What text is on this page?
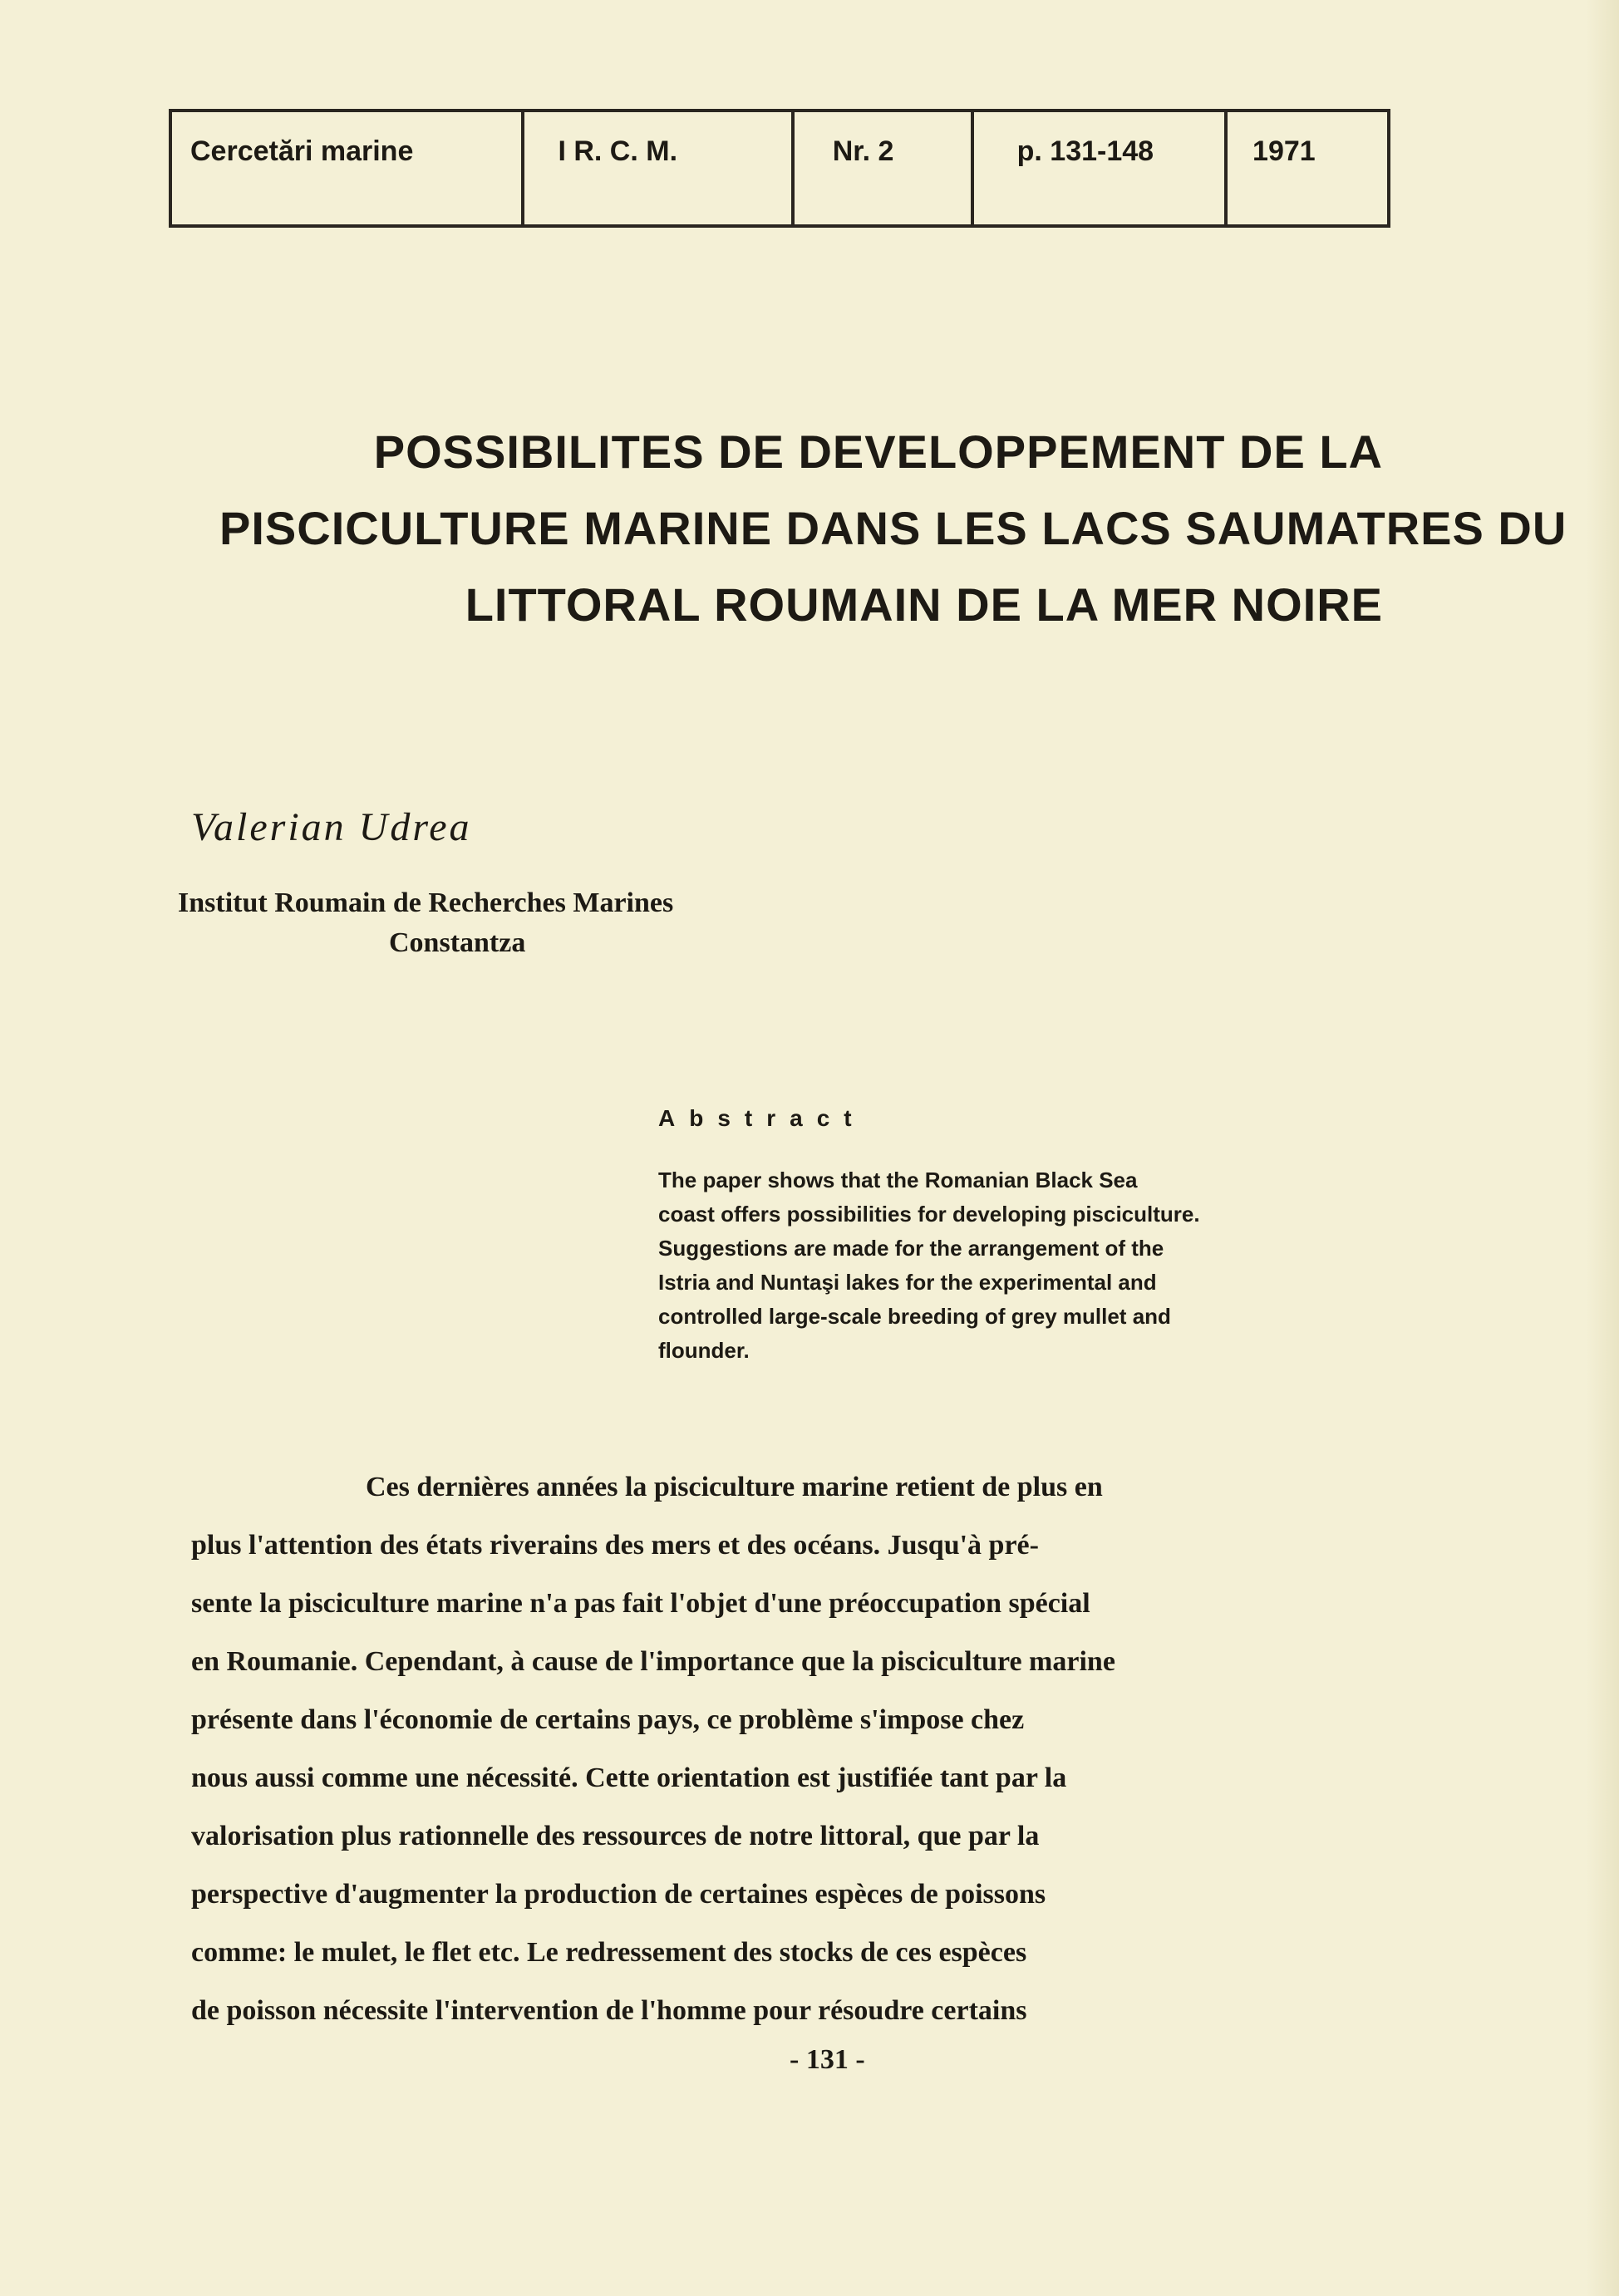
Cercetări marine	I R. C. M.	Nr. 2	p. 131-148	1971
POSSIBILITES DE DEVELOPPEMENT DE LA
PISCICULTURE MARINE DANS LES LACS SAUMATRES DU
LITTORAL ROUMAIN DE LA MER NOIRE
Valerian Udrea
Institut Roumain de Recherches Marines
Constantza
Abstract
The paper shows that the Romanian Black Sea
coast offers possibilities for developing pisciculture.
Suggestions are made for the arrangement of the
Istria and Nuntaşi lakes for the experimental and
controlled large-scale breeding of grey mullet and
flounder.
Ces dernières années la pisciculture marine retient de plus en
plus l'attention des états riverains des mers et des océans. Jusqu'à pré-
sente la pisciculture marine n'a pas fait l'objet d'une préoccupation spécial
en Roumanie. Cependant, à cause de l'importance que la pisciculture marine
présente dans l'économie de certains pays, ce problème s'impose chez
nous aussi comme une nécessité. Cette orientation est justifiée tant par la
valorisation plus rationnelle des ressources de notre littoral, que par la
perspective d'augmenter la production de certaines espèces de poissons
comme: le mulet, le flet etc. Le redressement des stocks de ces espèces
de poisson nécessite l'intervention de l'homme pour résoudre certains
- 131 -
